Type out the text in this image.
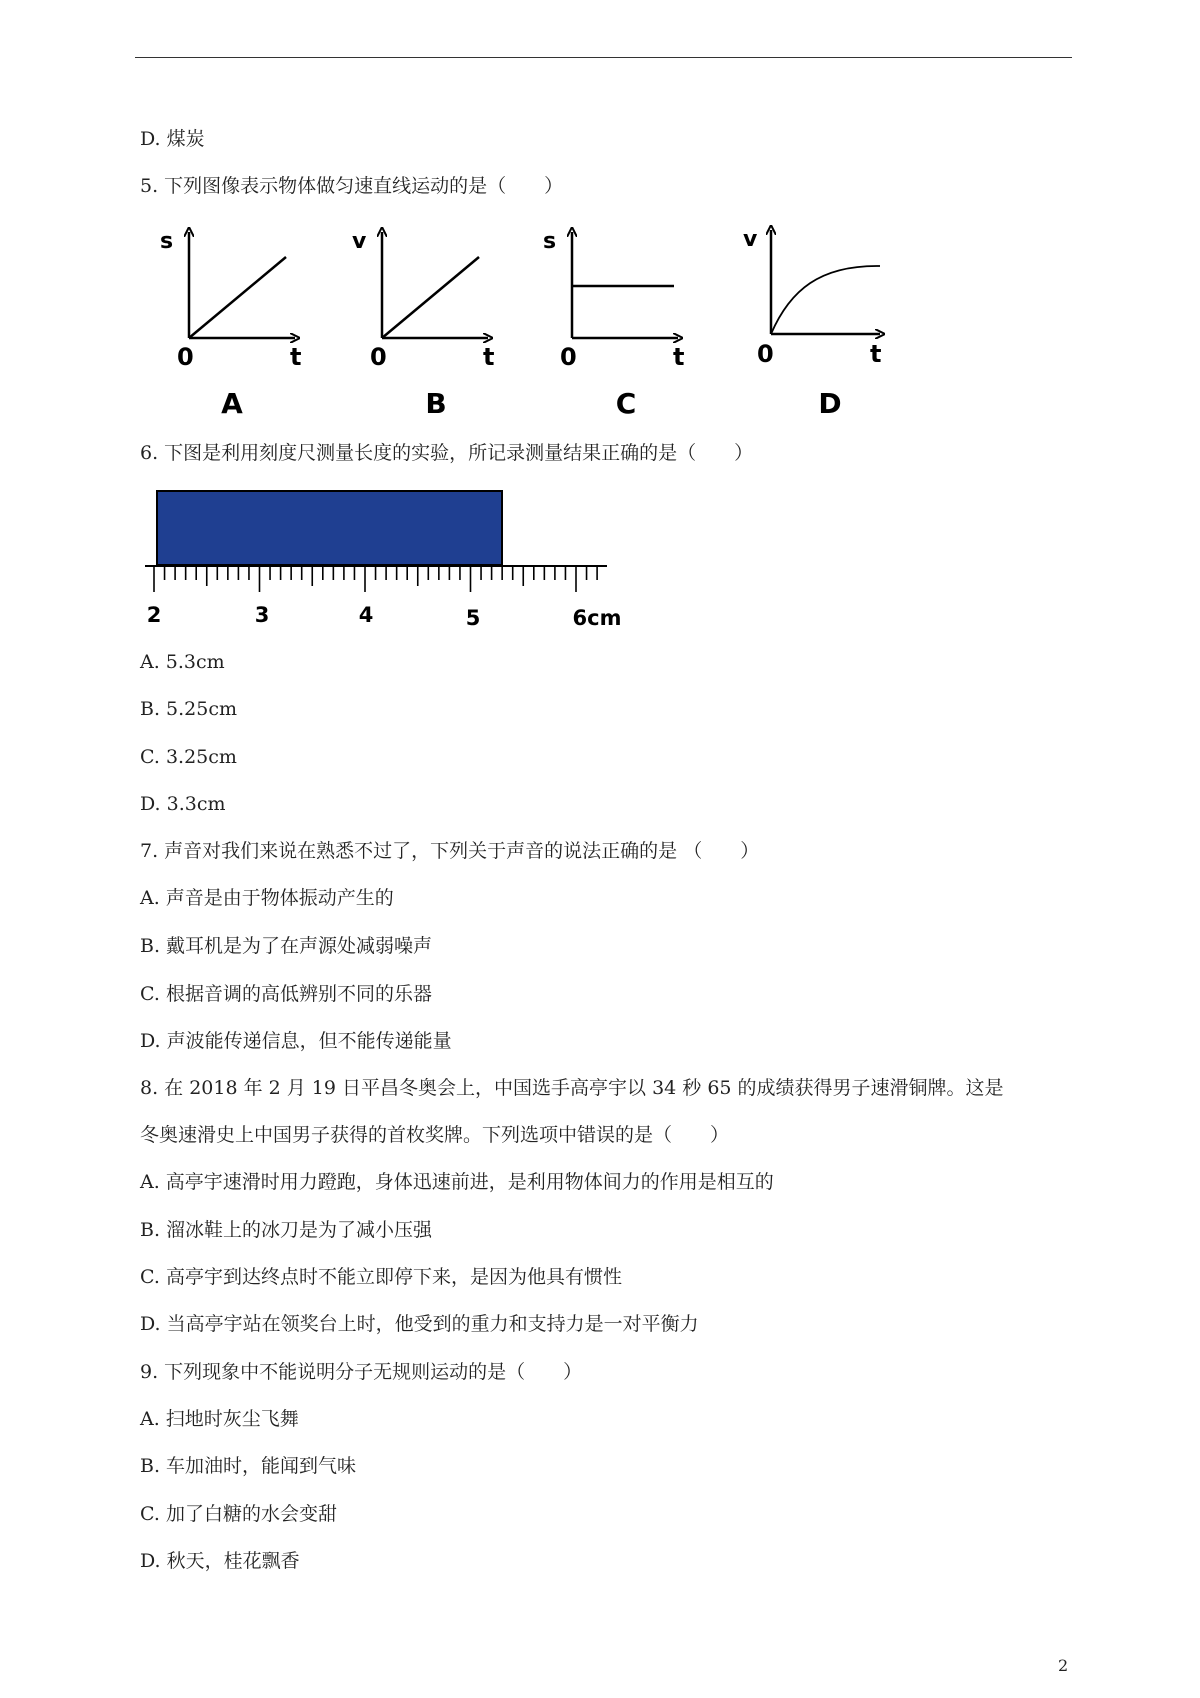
D. 煤炭
5. 下列图像表示物体做匀速直线运动的是（　　）
s
0	t
A
v
0	t
B
s
0	t
C
v
0	t
D
6. 下图是利用刻度尺测量长度的实验，所记录测量结果正确的是（　　）
2	3	4	5	6cm
A. 5.3cm
B. 5.25cm
C. 3.25cm
D. 3.3cm
7. 声音对我们来说在熟悉不过了，下列关于声音的说法正确的是 （　　）
A. 声音是由于物体振动产生的
B. 戴耳机是为了在声源处减弱噪声
C. 根据音调的高低辨别不同的乐器
D. 声波能传递信息，但不能传递能量
8. 在 2018 年 2 月 19 日平昌冬奥会上，中国选手高亭宇以 34 秒 65 的成绩获得男子速滑铜牌。这是
冬奥速滑史上中国男子获得的首枚奖牌。下列选项中错误的是（　　）
A. 高亭宇速滑时用力蹬跑，身体迅速前进，是利用物体间力的作用是相互的
B. 溜冰鞋上的冰刀是为了减小压强
C. 高亭宇到达终点时不能立即停下来，是因为他具有惯性
D. 当高亭宇站在领奖台上时，他受到的重力和支持力是一对平衡力
9. 下列现象中不能说明分子无规则运动的是（　　）
A. 扫地时灰尘飞舞
B. 车加油时，能闻到气味
C. 加了白糖的水会变甜
D. 秋天，桂花飘香
2
